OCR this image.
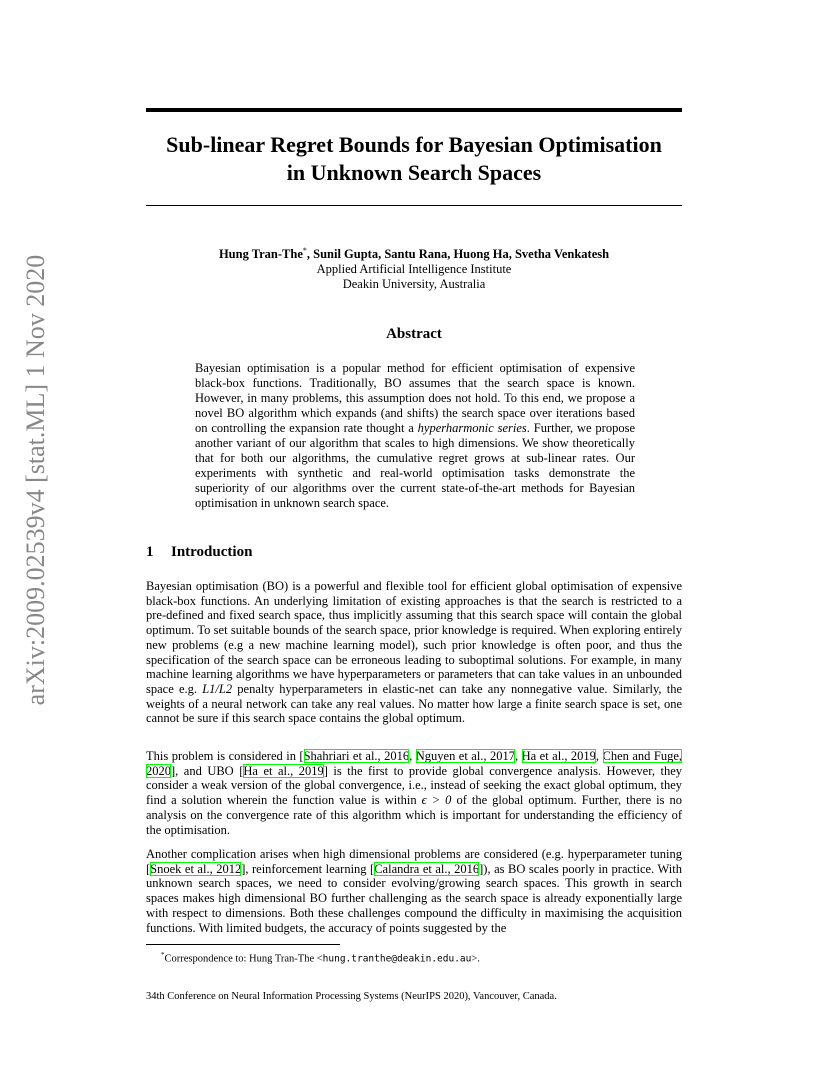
arXiv:2009.02539v4 [stat.ML] 1 Nov 2020
Sub-linear Regret Bounds for Bayesian Optimisation
in Unknown Search Spaces
Hung Tran-The*, Sunil Gupta, Santu Rana, Huong Ha, Svetha Venkatesh
Applied Artificial Intelligence Institute
Deakin University, Australia
Abstract

Bayesian optimisation is a popular method for efficient optimisation of expensive black-box functions. Traditionally, BO assumes that the search space is known. However, in many problems, this assumption does not hold. To this end, we propose a novel BO algorithm which expands (and shifts) the search space over iterations based on controlling the expansion rate thought a hyperharmonic series. Further, we propose another variant of our algorithm that scales to high dimensions. We show theoretically that for both our algorithms, the cumulative regret grows at sub-linear rates. Our experiments with synthetic and real-world optimisation tasks demonstrate the superiority of our algorithms over the current state-of-the-art methods for Bayesian optimisation in unknown search space.

1 Introduction

Bayesian optimisation (BO) is a powerful and flexible tool for efficient global optimisation of expensive black-box functions. An underlying limitation of existing approaches is that the search is restricted to a pre-defined and fixed search space, thus implicitly assuming that this search space will contain the global optimum. To set suitable bounds of the search space, prior knowledge is required. When exploring entirely new problems (e.g a new machine learning model), such prior knowledge is often poor, and thus the specification of the search space can be erroneous leading to suboptimal solutions. For example, in many machine learning algorithms we have hyperparameters or parameters that can take values in an unbounded space e.g. L1/L2 penalty hyperparameters in elastic-net can take any nonnegative value. Similarly, the weights of a neural network can take any real values. No matter how large a finite search space is set, one cannot be sure if this search space contains the global optimum.

This problem is considered in [Shahriari et al., 2016, Nguyen et al., 2017, Ha et al., 2019, Chen and Fuge, 2020], and UBO [Ha et al., 2019] is the first to provide global convergence analysis. However, they consider a weak version of the global convergence, i.e., instead of seeking the exact global optimum, they find a solution wherein the function value is within ϵ > 0 of the global optimum. Further, there is no analysis on the convergence rate of this algorithm which is important for understanding the efficiency of the optimisation.

Another complication arises when high dimensional problems are considered (e.g. hyperparameter tuning [Snoek et al., 2012], reinforcement learning [Calandra et al., 2016]), as BO scales poorly in practice. With unknown search spaces, we need to consider evolving/growing search spaces. This growth in search spaces makes high dimensional BO further challenging as the search space is already exponentially large with respect to dimensions. Both these challenges compound the difficulty in maximising the acquisition functions. With limited budgets, the accuracy of points suggested by the

*Correspondence to: Hung Tran-The <hung.tranthe@deakin.edu.au>.

34th Conference on Neural Information Processing Systems (NeurIPS 2020), Vancouver, Canada.
